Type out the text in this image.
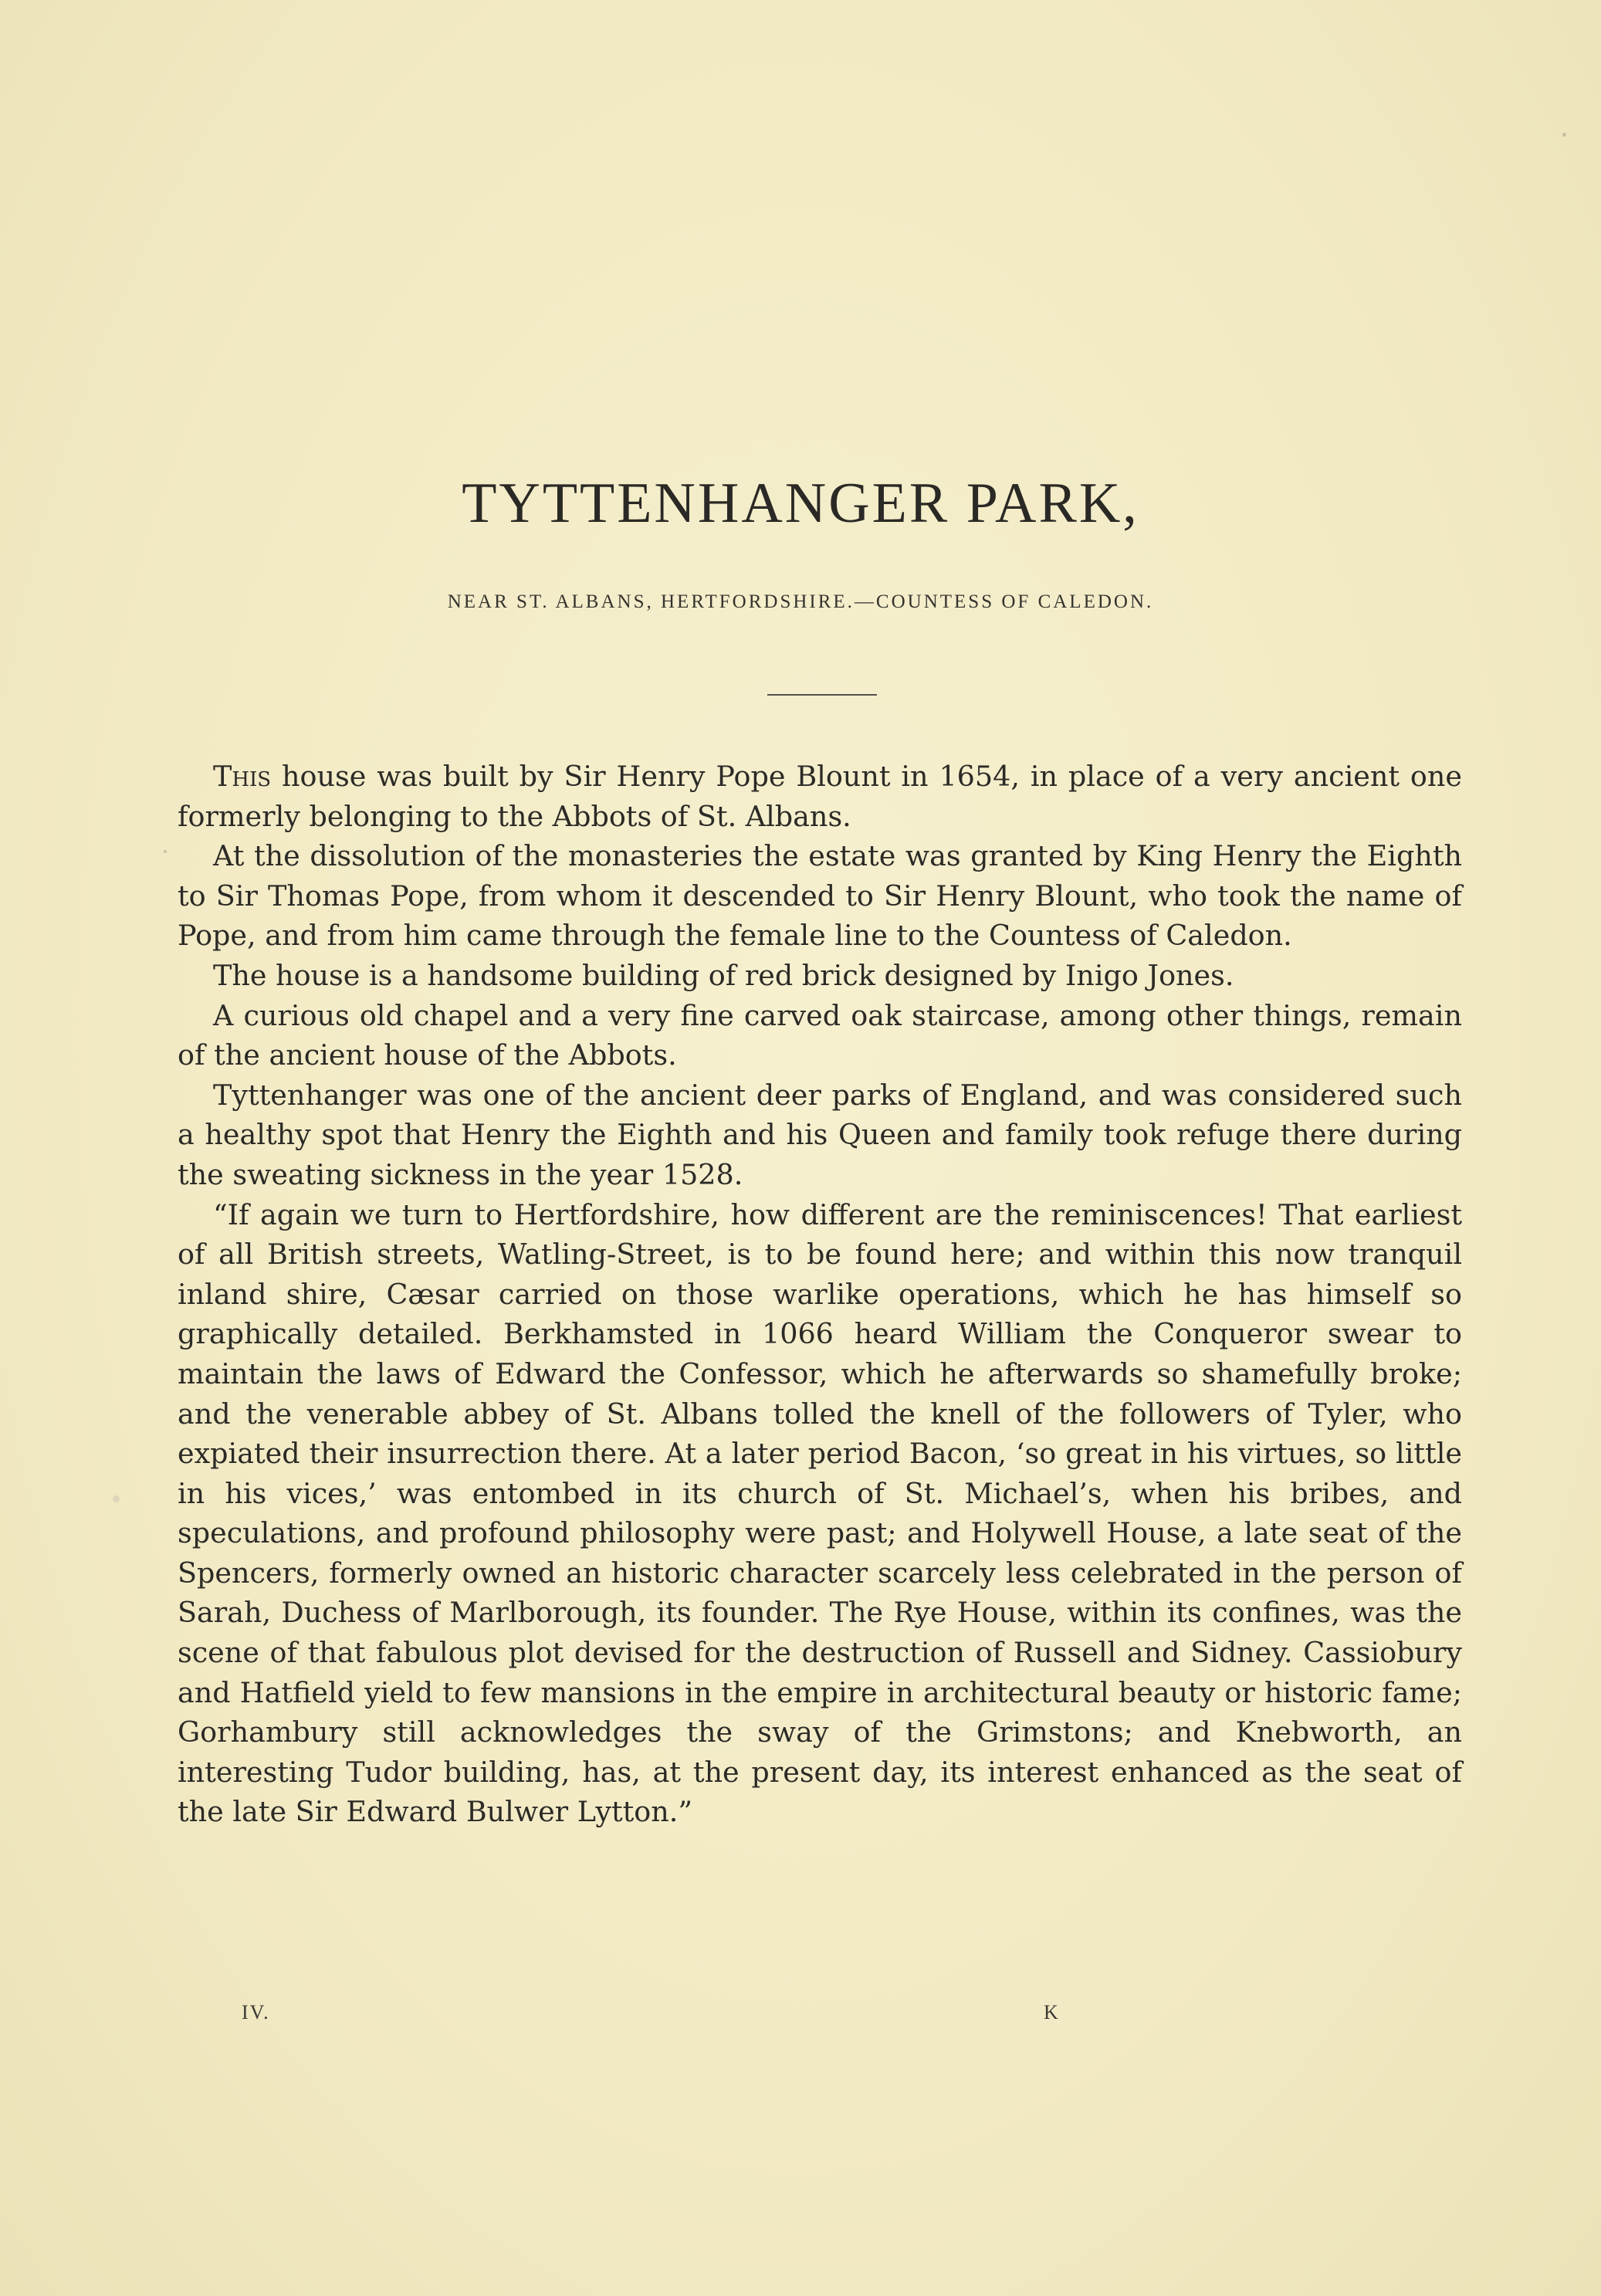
TYTTENHANGER PARK,
NEAR ST. ALBANS, HERTFORDSHIRE.—COUNTESS OF CALEDON.

This house was built by Sir Henry Pope Blount in 1654, in place of a very ancient one formerly belonging to the Abbots of St. Albans.

At the dissolution of the monasteries the estate was granted by King Henry the Eighth to Sir Thomas Pope, from whom it descended to Sir Henry Blount, who took the name of Pope, and from him came through the female line to the Countess of Caledon.

The house is a handsome building of red brick designed by Inigo Jones.

A curious old chapel and a very fine carved oak staircase, among other things, remain of the ancient house of the Abbots.

Tyttenhanger was one of the ancient deer parks of England, and was considered such a healthy spot that Henry the Eighth and his Queen and family took refuge there during the sweating sickness in the year 1528.

“If again we turn to Hertfordshire, how different are the reminiscences! That earliest of all British streets, Watling-Street, is to be found here; and within this now tranquil inland shire, Cæsar carried on those warlike operations, which he has himself so graphically detailed. Berkhamsted in 1066 heard William the Conqueror swear to maintain the laws of Edward the Confessor, which he afterwards so shamefully broke; and the venerable abbey of St. Albans tolled the knell of the followers of Tyler, who expiated their insurrection there. At a later period Bacon, ‘so great in his virtues, so little in his vices,’ was entombed in its church of St. Michael’s, when his bribes, and speculations, and profound philosophy were past; and Holywell House, a late seat of the Spencers, formerly owned an historic character scarcely less celebrated in the person of Sarah, Duchess of Marlborough, its founder. The Rye House, within its confines, was the scene of that fabulous plot devised for the destruction of Russell and Sidney. Cassiobury and Hatfield yield to few mansions in the empire in architectural beauty or historic fame; Gorhambury still acknowledges the sway of the Grimstons; and Knebworth, an interesting Tudor building, has, at the present day, its interest enhanced as the seat of the late Sir Edward Bulwer Lytton.”

IV.	K
